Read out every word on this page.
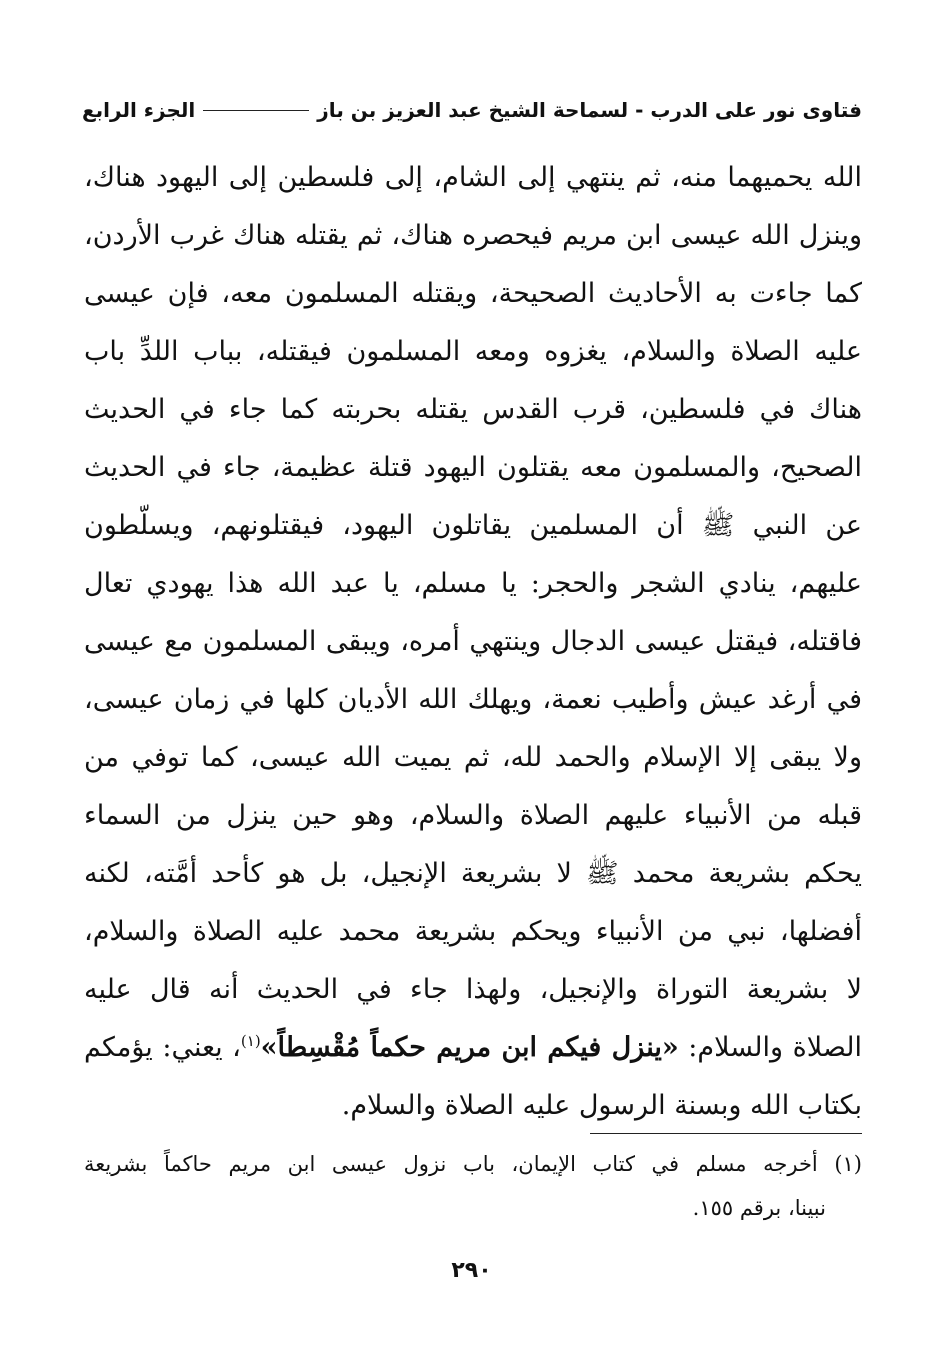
فتاوى نور على الدرب - لسماحة الشيخ عبد العزيز بن باز
الجزء الرابع
الله يحميهما منه، ثم ينتهي إلى الشام، إلى فلسطين إلى اليهود هناك،
وينزل الله عيسى ابن مريم فيحصره هناك، ثم يقتله هناك غرب الأردن،
كما جاءت به الأحاديث الصحيحة، ويقتله المسلمون معه، فإن عيسى
عليه الصلاة والسلام، يغزوه ومعه المسلمون فيقتله، بباب اللدِّ باب
هناك في فلسطين، قرب القدس يقتله بحربته كما جاء في الحديث
الصحيح، والمسلمون معه يقتلون اليهود قتلة عظيمة، جاء في الحديث
عن النبي ﷺ أن المسلمين يقاتلون اليهود، فيقتلونهم، ويسلّطون
عليهم، ينادي الشجر والحجر: يا مسلم، يا عبد الله هذا يهودي تعال
فاقتله، فيقتل عيسى الدجال وينتهي أمره، ويبقى المسلمون مع عيسى
في أرغد عيش وأطيب نعمة، ويهلك الله الأديان كلها في زمان عيسى،
ولا يبقى إلا الإسلام والحمد لله، ثم يميت الله عيسى، كما توفي من
قبله من الأنبياء عليهم الصلاة والسلام، وهو حين ينزل من السماء
يحكم بشريعة محمد ﷺ لا بشريعة الإنجيل، بل هو كأحد أمَّته، لكنه
أفضلها، نبي من الأنبياء ويحكم بشريعة محمد عليه الصلاة والسلام،
لا بشريعة التوراة والإنجيل، ولهذا جاء في الحديث أنه قال عليه
الصلاة والسلام: «ينزل فيكم ابن مريم حكماً مُقْسِطاً»$^{(١)}$، يعني: يؤمكم
بكتاب الله وبسنة الرسول عليه الصلاة والسلام.
(١) أخرجه مسلم في كتاب الإيمان، باب نزول عيسى ابن مريم حاكماً بشريعة
نبينا، برقم ١٥٥.
٢٩٠
